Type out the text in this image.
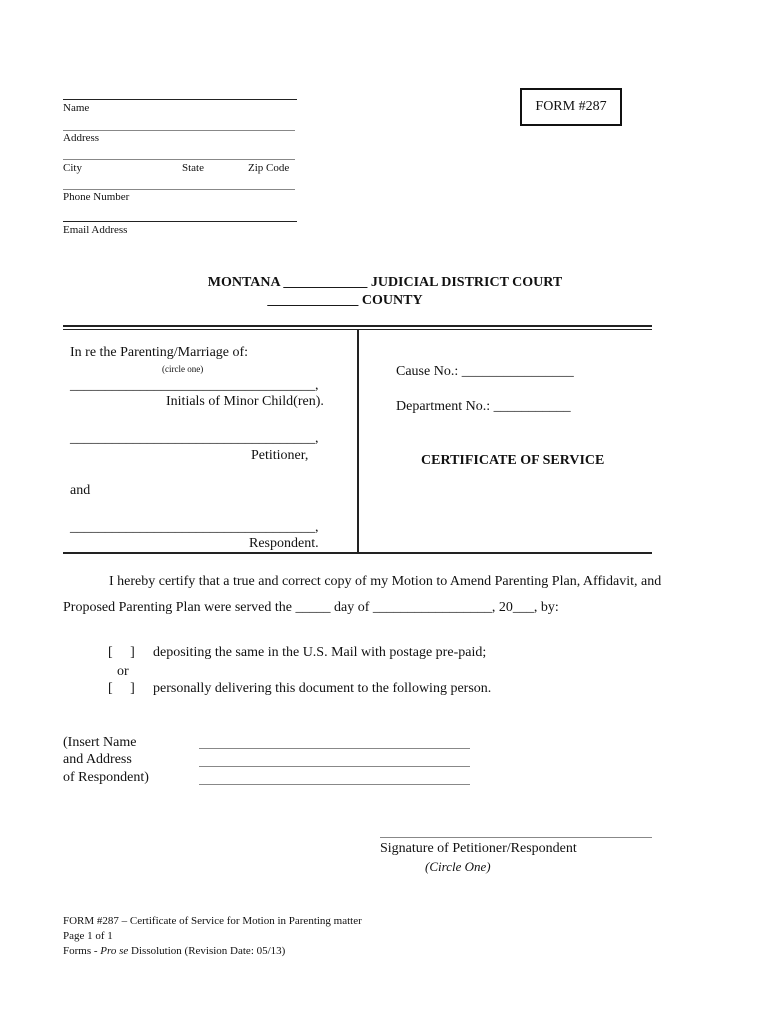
Name
Address
City	State	Zip Code
Phone Number
Email Address
FORM #287
MONTANA ____________ JUDICIAL DISTRICT COURT
_____________ COUNTY
In re the Parenting/Marriage of:
(circle one)
___________________________________,
Initials of Minor Child(ren).
___________________________________,
Petitioner,
and
___________________________________,
Respondent.
Cause No.: ________________
Department No.: ___________
CERTIFICATE OF SERVICE
I hereby certify that a true and correct copy of my Motion to Amend Parenting Plan, Affidavit, and
Proposed Parenting Plan were served the _____ day of _________________, 20___, by:
[     ] depositing the same in the U.S. Mail with postage pre-paid;
or
[     ] personally delivering this document to the following person.
(Insert Name
and Address
of Respondent)
Signature of Petitioner/Respondent
(Circle One)
FORM #287 – Certificate of Service for Motion in Parenting matter
Page 1 of 1
Forms - Pro se Dissolution (Revision Date: 05/13)
